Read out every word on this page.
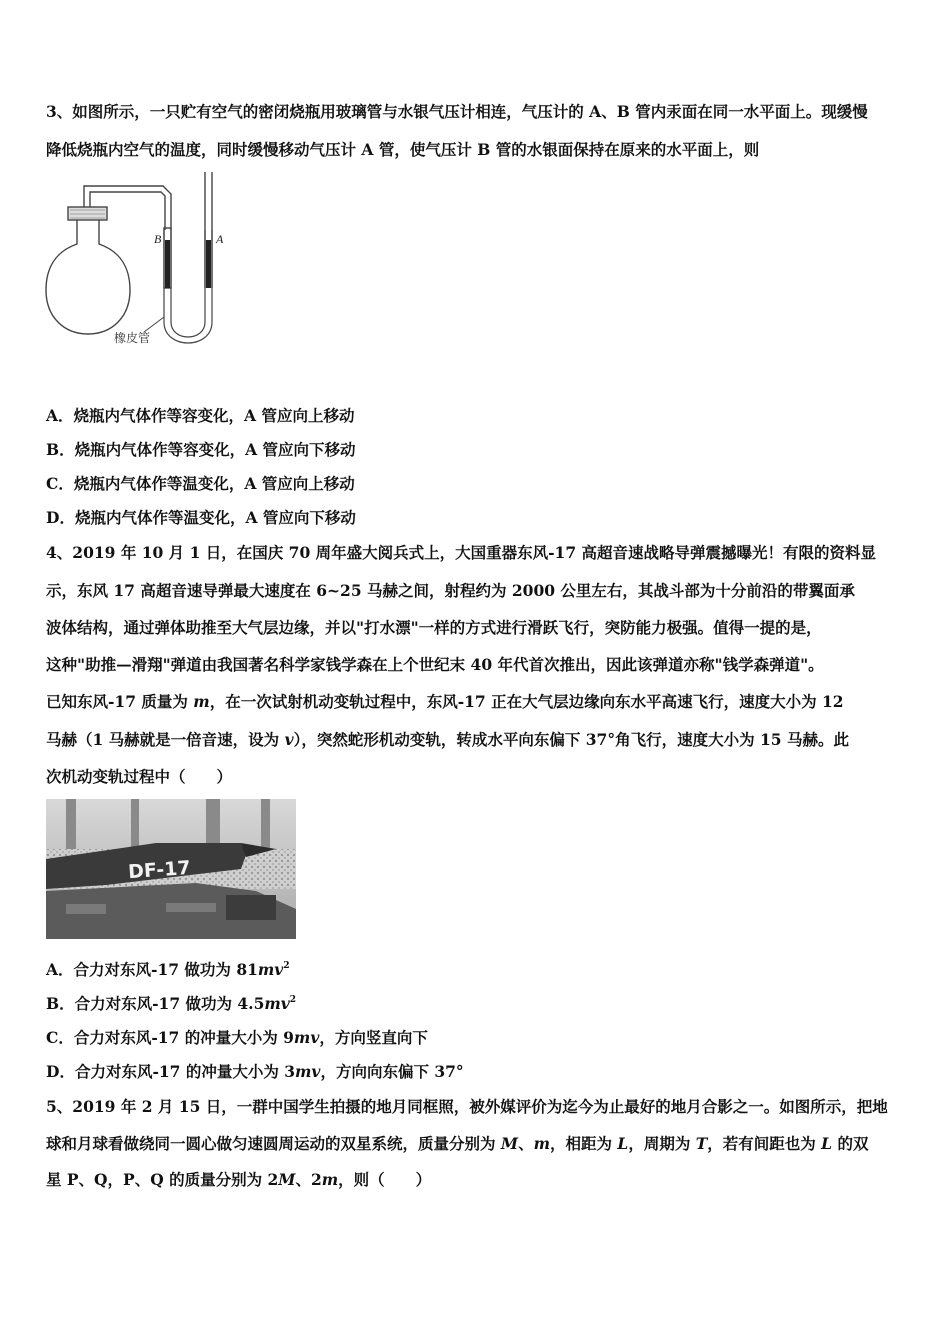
3、如图所示，一只贮有空气的密闭烧瓶用玻璃管与水银气压计相连，气压计的 A、B 管内汞面在同一水平面上。现缓慢
降低烧瓶内空气的温度，同时缓慢移动气压计 A 管，使气压计 B 管的水银面保持在原来的水平面上，则
B	A
橡皮管
A．烧瓶内气体作等容变化，A 管应向上移动
B．烧瓶内气体作等容变化，A 管应向下移动
C．烧瓶内气体作等温变化，A 管应向上移动
D．烧瓶内气体作等温变化，A 管应向下移动
4、2019 年 10 月 1 日，在国庆 70 周年盛大阅兵式上，大国重器东风-17 高超音速战略导弹震撼曝光！有限的资料显
示，东风 17 高超音速导弹最大速度在 6~25 马赫之间，射程约为 2000 公里左右，其战斗部为十分前沿的带翼面承
波体结构，通过弹体助推至大气层边缘，并以"打水漂"一样的方式进行滑跃飞行，突防能力极强。值得一提的是，
这种"助推—滑翔"弹道由我国著名科学家钱学森在上个世纪末 40 年代首次推出，因此该弹道亦称"钱学森弹道"。
已知东风-17 质量为 m，在一次试射机动变轨过程中，东风-17 正在大气层边缘向东水平高速飞行，速度大小为 12
马赫（1 马赫就是一倍音速，设为 v），突然蛇形机动变轨，转成水平向东偏下 37°角飞行，速度大小为 15 马赫。此
次机动变轨过程中（　　）
DF-17
A．合力对东风-17 做功为 $81mv^2$
B．合力对东风-17 做功为 $4.5mv^2$
C．合力对东风-17 的冲量大小为 9mv，方向竖直向下
D．合力对东风-17 的冲量大小为 3mv，方向向东偏下 37°
5、2019 年 2 月 15 日，一群中国学生拍摄的地月同框照，被外媒评价为迄今为止最好的地月合影之一。如图所示，把地
球和月球看做绕同一圆心做匀速圆周运动的双星系统，质量分别为 M、m，相距为 L，周期为 T，若有间距也为 L 的双
星 P、Q，P、Q 的质量分别为 2M、2m，则（　　）
